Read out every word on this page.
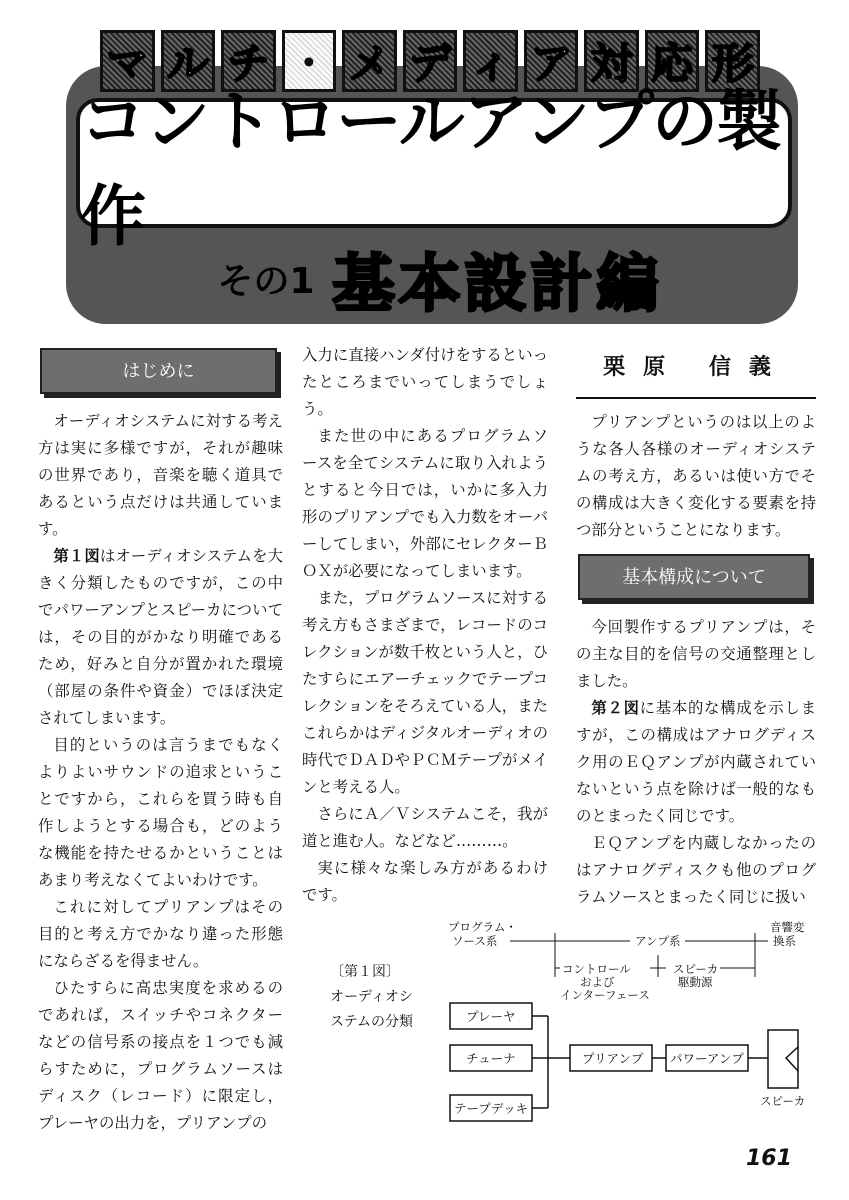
マ ル チ ・ メ デ ィ ア 対 応 形
コントロールアンプの製作
その1 基本設計編
はじめに

オーディオシステムに対する考え方は実に多様ですが，それが趣味の世界であり，音楽を聴く道具であるという点だけは共通しています。

第１図はオーディオシステムを大きく分類したものですが，この中でパワーアンプとスピーカについては，その目的がかなり明確であるため，好みと自分が置かれた環境（部屋の条件や資金）でほぼ決定されてしまいます。

目的というのは言うまでもなくよりよいサウンドの追求ということですから，これらを買う時も自作しようとする場合も，どのような機能を持たせるかということはあまり考えなくてよいわけです。

これに対してプリアンプはその目的と考え方でかなり違った形態にならざるを得ません。

ひたすらに高忠実度を求めるのであれば，スイッチやコネクターなどの信号系の接点を１つでも減らすために，プログラムソースはディスク（レコード）に限定し，プレーヤの出力を，プリアンプの

入力に直接ハンダ付けをするといったところまでいってしまうでしょう。

また世の中にあるプログラムソースを全てシステムに取り入れようとすると今日では，いかに多入力形のプリアンプでも入力数をオーバーしてしまい，外部にセレクターＢＯＸが必要になってしまいます。

また，プログラムソースに対する考え方もさまざまで，レコードのコレクションが数千枚という人と，ひたすらにエアーチェックでテープコレクションをそろえている人，またこれらかはディジタルオーディオの時代でＤＡＤやＰＣＭテープがメインと考える人。

さらにＡ／Ｖシステムこそ，我が道と進む人。などなど………。

実に様々な楽しみ方があるわけです。

栗原 信義

プリアンプというのは以上のような各人各様のオーディオシステムの考え方，あるいは使い方でその構成は大きく変化する要素を持つ部分ということになります。

基本構成について

今回製作するプリアンプは，その主な目的を信号の交通整理としました。

第２図に基本的な構成を示しますが，この構成はアナログディスク用のＥＱアンプが内蔵されていないという点を除けば一般的なものとまったく同じです。

ＥＱアンプを内蔵しなかったのはアナログディスクも他のプログラムソースとまったく同じに扱い

〔第１図〕
オーディオシ
ステムの分類
プログラム・
ソース系	アンプ系
音響変
換系
コントロール
および
インターフェース
スピーカ
駆動源
プレーヤ
チューナ
テープデッキ
プリアンプ パワーアンプ
スピーカ
161
